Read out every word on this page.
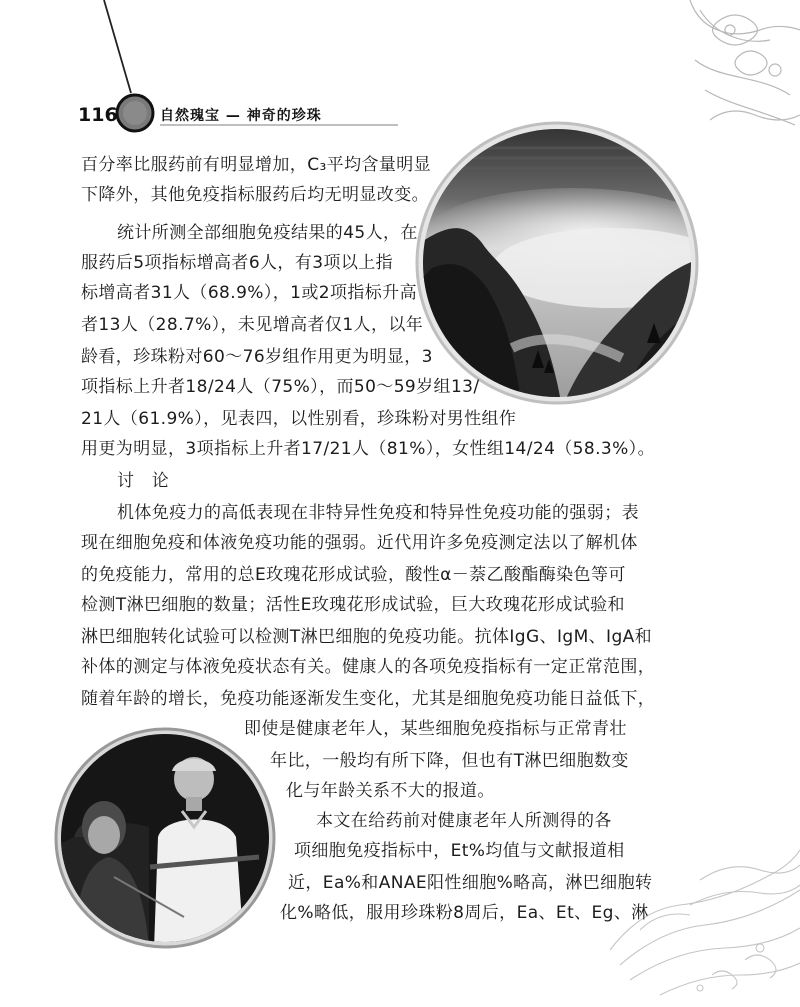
116	自然瑰宝 — 神奇的珍珠
百分率比服药前有明显增加，C₃平均含量明显
下降外，其他免疫指标服药后均无明显改变。
统计所测全部细胞免疫结果的45人，在
服药后5项指标增高者6人，有3项以上指
标增高者31人（68.9%），1或2项指标升高
者13人（28.7%），未见增高者仅1人，以年
龄看，珍珠粉对60～76岁组作用更为明显，3
项指标上升者18/24人（75%），而50～59岁组13/
21人（61.9%），见表四，以性别看，珍珠粉对男性组作
用更为明显，3项指标上升者17/21人（81%），女性组14/24（58.3%）。
讨　论
机体免疫力的高低表现在非特异性免疫和特异性免疫功能的强弱；表
现在细胞免疫和体液免疫功能的强弱。近代用许多免疫测定法以了解机体
的免疫能力，常用的总E玫瑰花形成试验，酸性α－萘乙酸酯酶染色等可
检测T淋巴细胞的数量；活性E玫瑰花形成试验，巨大玫瑰花形成试验和
淋巴细胞转化试验可以检测T淋巴细胞的免疫功能。抗体IgG、IgM、IgA和
补体的测定与体液免疫状态有关。健康人的各项免疫指标有一定正常范围，
随着年龄的增长，免疫功能逐渐发生变化，尤其是细胞免疫功能日益低下，
即使是健康老年人，某些细胞免疫指标与正常青壮
年比，一般均有所下降，但也有T淋巴细胞数变
化与年龄关系不大的报道。
本文在给药前对健康老年人所测得的各
项细胞免疫指标中，Et%均值与文献报道相
近，Ea%和ANAE阳性细胞%略高，淋巴细胞转
化%略低，服用珍珠粉8周后，Ea、Et、Eg、淋
